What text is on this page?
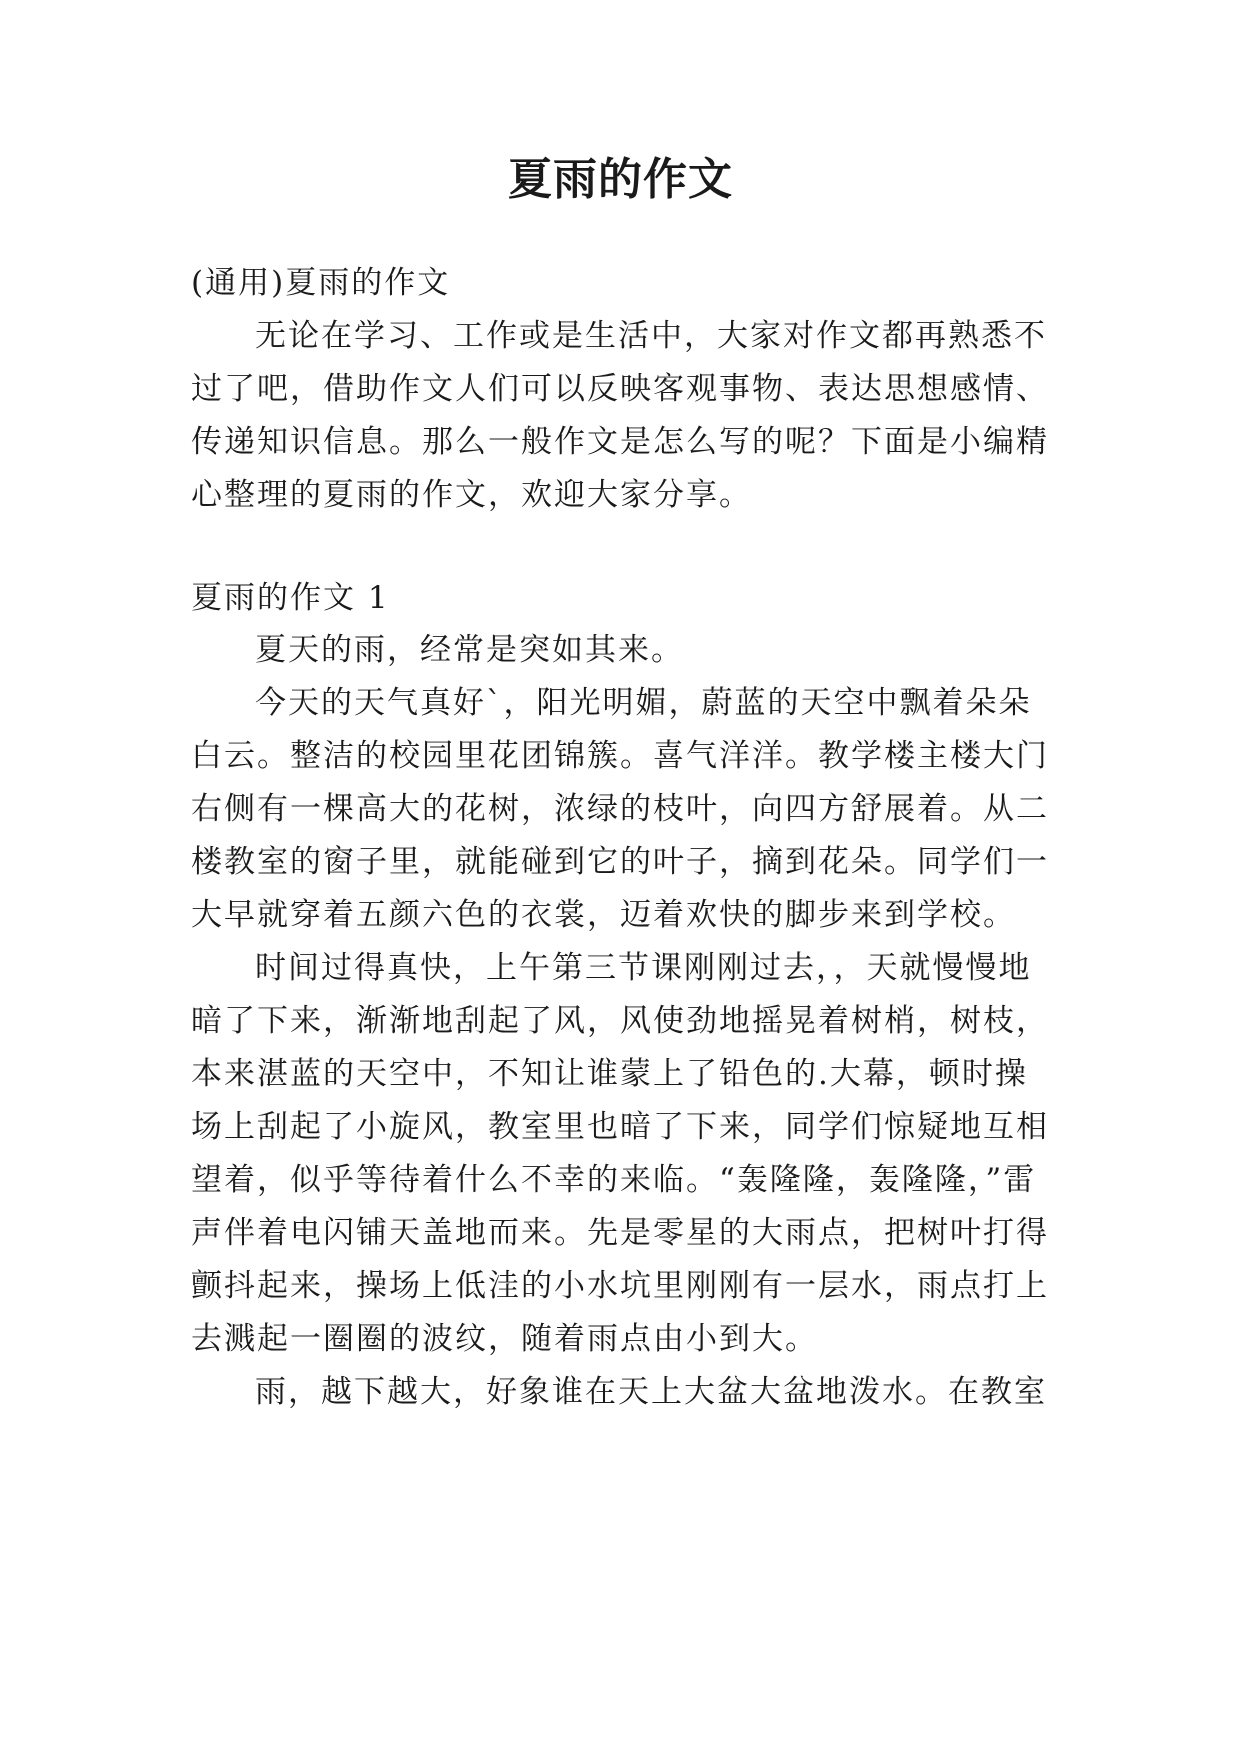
夏雨的作文
(通用)夏雨的作文
无论在学习、工作或是生活中，大家对作文都再熟悉不
过了吧，借助作文人们可以反映客观事物、表达思想感情、
传递知识信息。那么一般作文是怎么写的呢？下面是小编精
心整理的夏雨的作文，欢迎大家分享。
夏雨的作文 1
夏天的雨，经常是突如其来。
今天的天气真好`，阳光明媚，蔚蓝的天空中飘着朵朵
白云。整洁的校园里花团锦簇。喜气洋洋。教学楼主楼大门
右侧有一棵高大的花树，浓绿的枝叶，向四方舒展着。从二
楼教室的窗子里，就能碰到它的叶子，摘到花朵。同学们一
大早就穿着五颜六色的衣裳，迈着欢快的脚步来到学校。
时间过得真快，上午第三节课刚刚过去，，天就慢慢地
暗了下来，渐渐地刮起了风，风使劲地摇晃着树梢，树枝，
本来湛蓝的天空中，不知让谁蒙上了铅色的.大幕，顿时操
场上刮起了小旋风，教室里也暗了下来，同学们惊疑地互相
望着，似乎等待着什么不幸的来临。“轰隆隆，轰隆隆，”雷
声伴着电闪铺天盖地而来。先是零星的大雨点，把树叶打得
颤抖起来，操场上低洼的小水坑里刚刚有一层水，雨点打上
去溅起一圈圈的波纹，随着雨点由小到大。
雨，越下越大，好象谁在天上大盆大盆地泼水。在教室
